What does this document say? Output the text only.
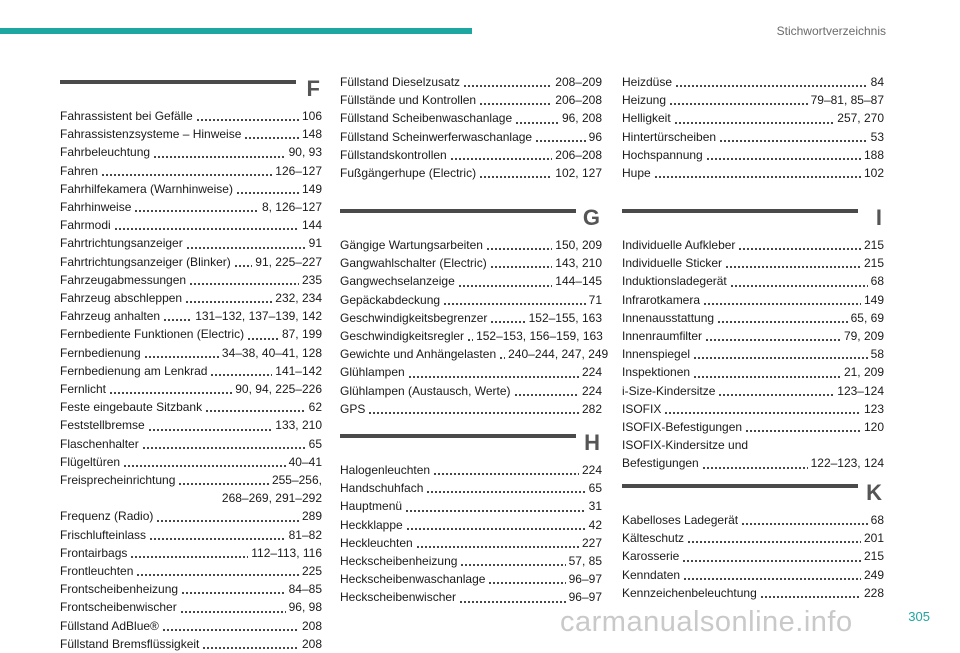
Stichwortverzeichnis
F
Fahrassistent bei Gefälle	106
Fahrassistenzsysteme – Hinweise	148
Fahrbeleuchtung	90, 93
Fahren	126–127
Fahrhilfekamera (Warnhinweise)	149
Fahrhinweise	8, 126–127
Fahrmodi	144
Fahrtrichtungsanzeiger	91
Fahrtrichtungsanzeiger (Blinker) 91, 225–227
Fahrzeugabmessungen	235
Fahrzeug abschleppen	232, 234
Fahrzeug anhalten	131–132, 137–139, 142
Fernbediente Funktionen (Electric)	87, 199
Fernbedienung	34–38, 40–41, 128
Fernbedienung am Lenkrad	141–142
Fernlicht	90, 94, 225–226
Feste eingebaute Sitzbank	62
Feststellbremse	133, 210
Flaschenhalter	65
Flügeltüren	40–41
Freisprecheinrichtung	255–256,
268–269, 291–292
Frequenz (Radio)	289
Frischlufteinlass	81–82
Frontairbags	112–113, 116
Frontleuchten	225
Frontscheibenheizung	84–85
Frontscheibenwischer	96, 98
Füllstand AdBlue®	208
Füllstand Bremsflüssigkeit	208
Füllstand Dieselzusatz	208–209
Füllstände und Kontrollen	206–208
Füllstand Scheibenwaschanlage	96, 208
Füllstand Scheinwerferwaschanlage	96
Füllstandskontrollen	206–208
Fußgängerhupe (Electric)	102, 127
G
Gängige Wartungsarbeiten	150, 209
Gangwahlschalter (Electric)	143, 210
Gangwechselanzeige	144–145
Gepäckabdeckung	71
Geschwindigkeitsbegrenzer	152–155, 163
Geschwindigkeitsregler 152–153, 156–159, 163
Gewichte und Anhängelasten 240–244, 247, 249
Glühlampen	224
Glühlampen (Austausch, Werte)	224
GPS	282
H
Halogenleuchten	224
Handschuhfach	65
Hauptmenü	31
Heckklappe	42
Heckleuchten	227
Heckscheibenheizung	57, 85
Heckscheibenwaschanlage	96–97
Heckscheibenwischer	96–97
Heizdüse	84
Heizung	79–81, 85–87
Helligkeit	257, 270
Hintertürscheiben	53
Hochspannung	188
Hupe	102
I
Individuelle Aufkleber	215
Individuelle Sticker	215
Induktionsladegerät	68
Infrarotkamera	149
Innenausstattung	65, 69
Innenraumfilter	79, 209
Innenspiegel	58
Inspektionen	21, 209
i-Size-Kindersitze	123–124
ISOFIX	123
ISOFIX-Befestigungen	120
ISOFIX-Kindersitze und
Befestigungen	122–123, 124
K
Kabelloses Ladegerät	68
Kälteschutz	201
Karosserie	215
Kenndaten	249
Kennzeichenbeleuchtung	228
carmanualsonline.info	305
